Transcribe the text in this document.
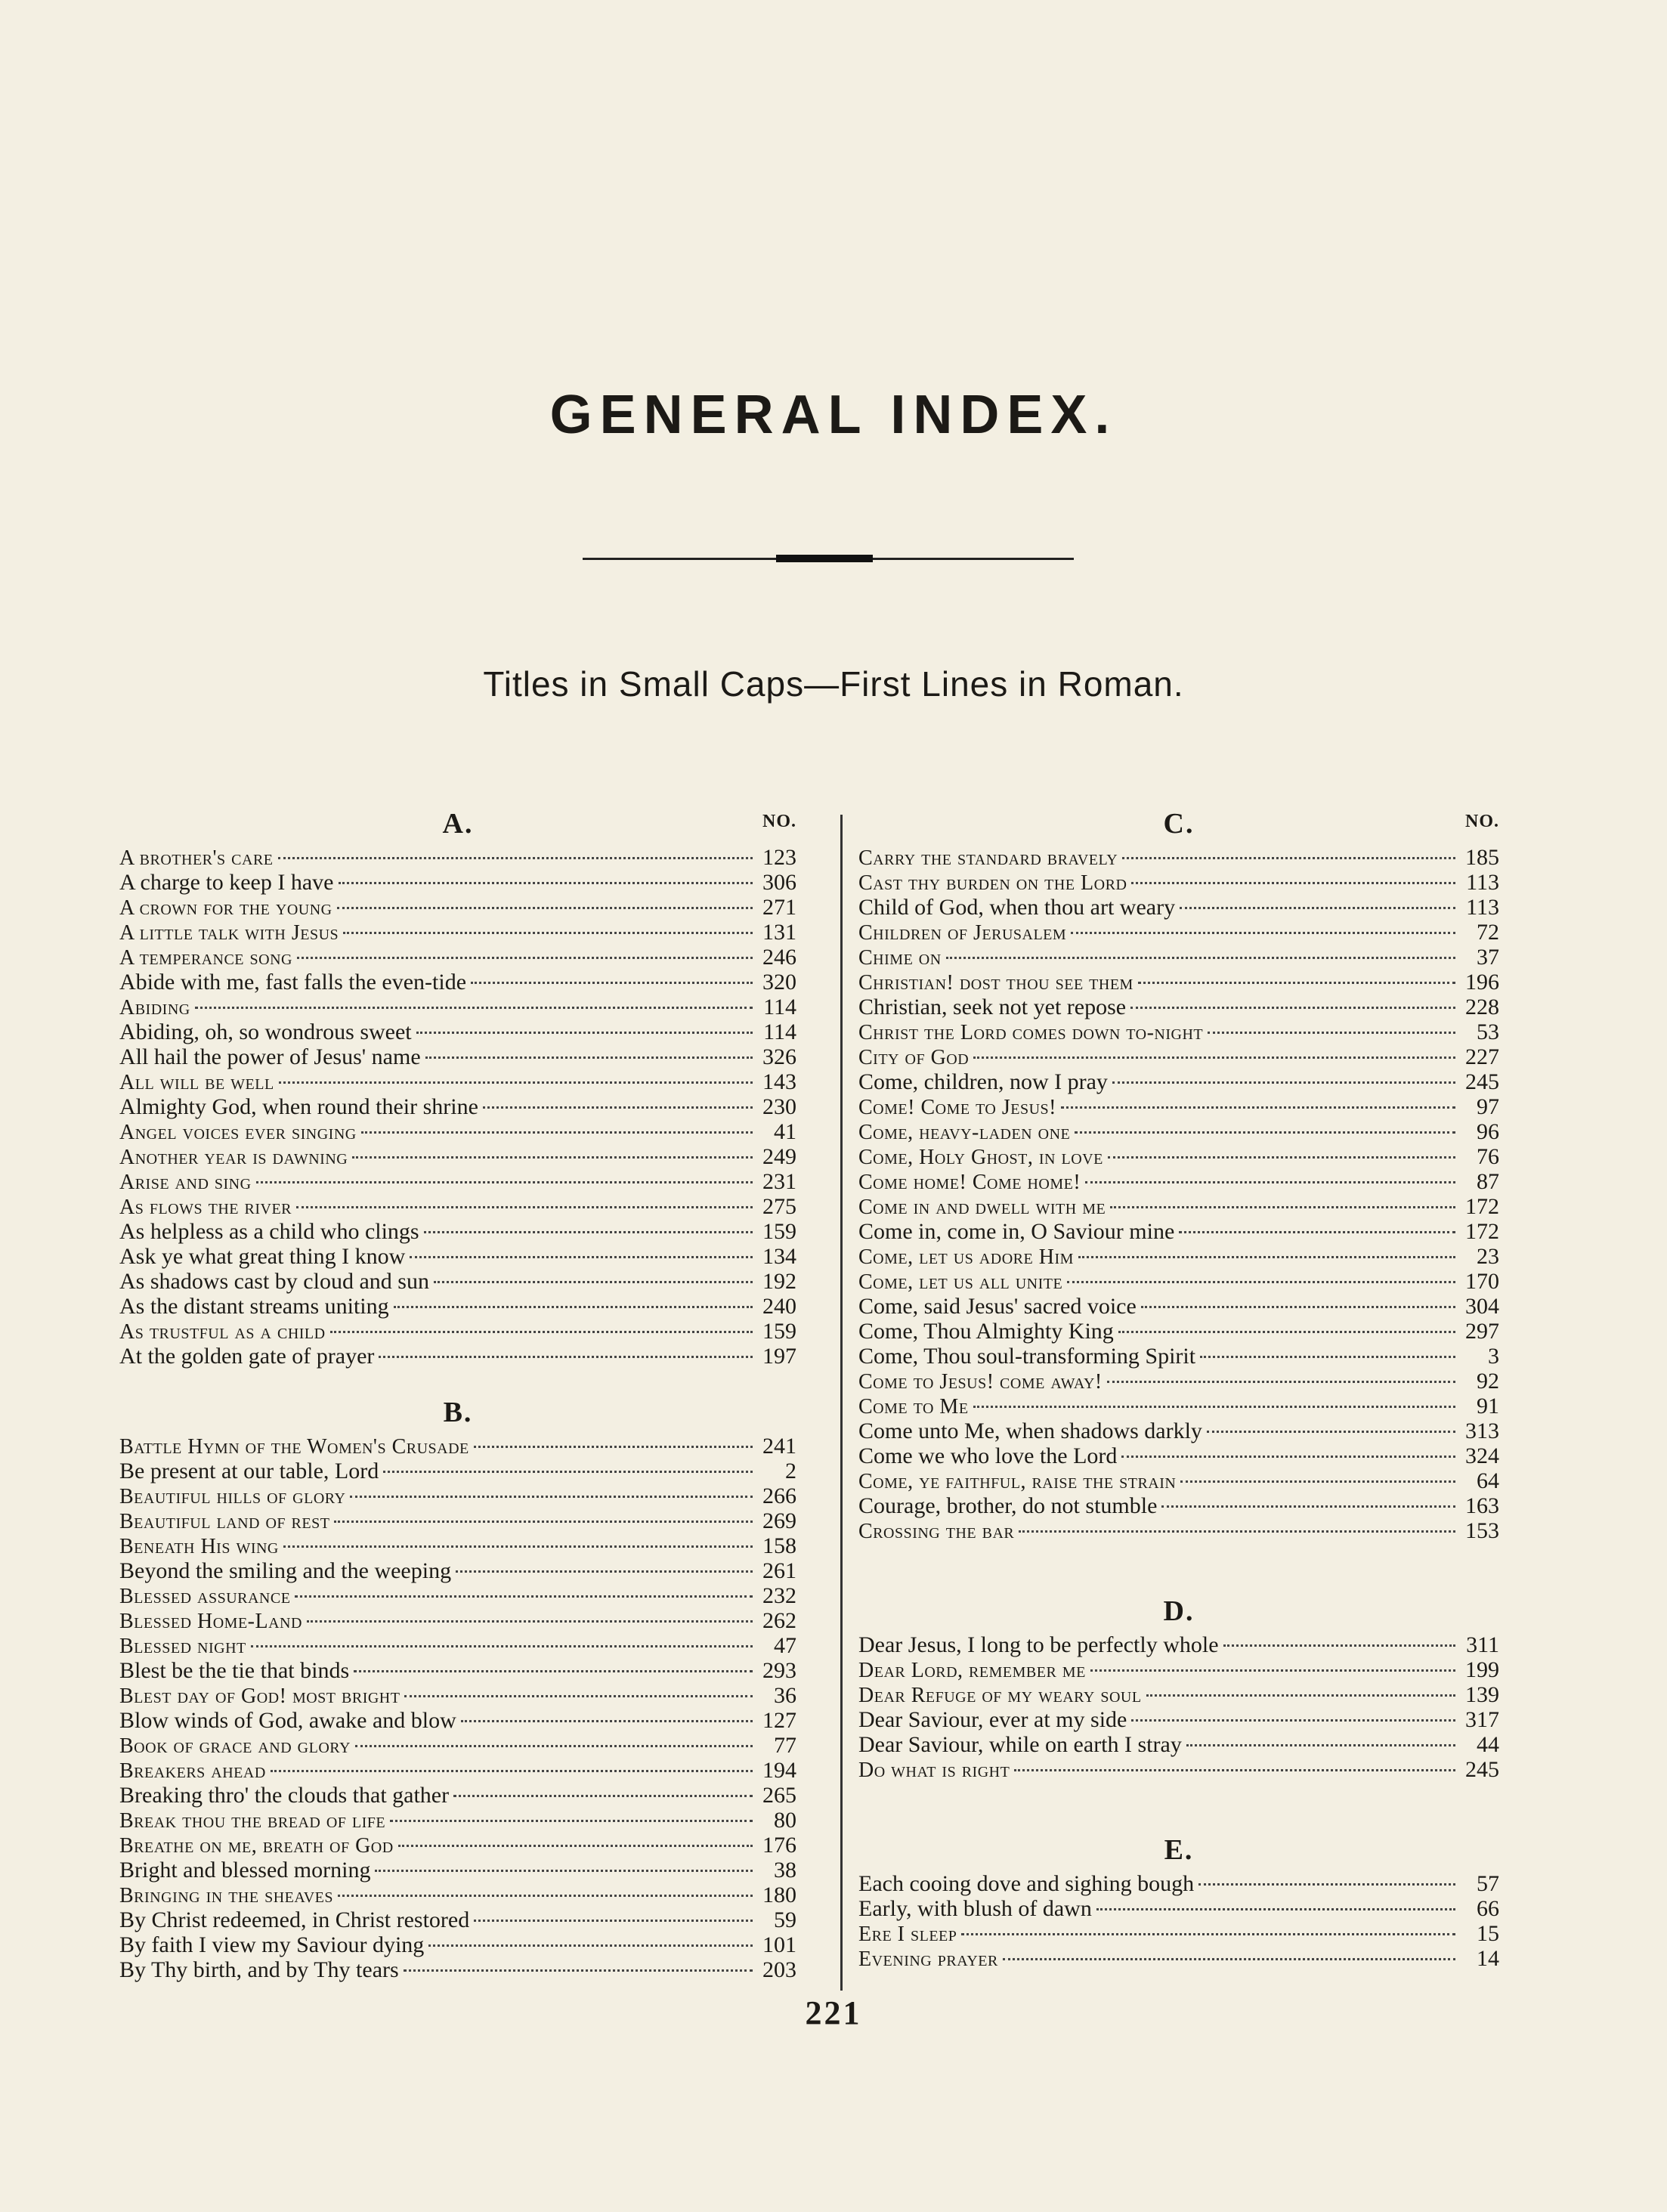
GENERAL INDEX.
Titles in Small Caps—First Lines in Roman.
A.	NO.
A brother's care	123
A charge to keep I have	306
A crown for the young	271
A little talk with Jesus	131
A temperance song	246
Abide with me, fast falls the even-tide	320
Abiding	114
Abiding, oh, so wondrous sweet	114
All hail the power of Jesus' name	326
All will be well	143
Almighty God, when round their shrine	230
Angel voices ever singing	41
Another year is dawning	249
Arise and sing	231
As flows the river	275
As helpless as a child who clings	159
Ask ye what great thing I know	134
As shadows cast by cloud and sun	192
As the distant streams uniting	240
As trustful as a child	159
At the golden gate of prayer	197
B.
Battle Hymn of the Women's Crusade	241
Be present at our table, Lord	2
Beautiful hills of glory	266
Beautiful land of rest	269
Beneath His wing	158
Beyond the smiling and the weeping	261
Blessed assurance	232
Blessed Home-Land	262
Blessed night	47
Blest be the tie that binds	293
Blest day of God! most bright	36
Blow winds of God, awake and blow	127
Book of grace and glory	77
Breakers ahead	194
Breaking thro' the clouds that gather	265
Break thou the bread of life	80
Breathe on me, breath of God	176
Bright and blessed morning	38
Bringing in the sheaves	180
By Christ redeemed, in Christ restored	59
By faith I view my Saviour dying	101
By Thy birth, and by Thy tears	203
C.	NO.
Carry the standard bravely	185
Cast thy burden on the Lord	113
Child of God, when thou art weary	113
Children of Jerusalem	72
Chime on	37
Christian! dost thou see them	196
Christian, seek not yet repose	228
Christ the Lord comes down to-night	53
City of God	227
Come, children, now I pray	245
Come! Come to Jesus!	97
Come, heavy-laden one	96
Come, Holy Ghost, in love	76
Come home! Come home!	87
Come in and dwell with me	172
Come in, come in, O Saviour mine	172
Come, let us adore Him	23
Come, let us all unite	170
Come, said Jesus' sacred voice	304
Come, Thou Almighty King	297
Come, Thou soul-transforming Spirit	3
Come to Jesus! come away!	92
Come to Me	91
Come unto Me, when shadows darkly	313
Come we who love the Lord	324
Come, ye faithful, raise the strain	64
Courage, brother, do not stumble	163
Crossing the bar	153
D.
Dear Jesus, I long to be perfectly whole	311
Dear Lord, remember me	199
Dear Refuge of my weary soul	139
Dear Saviour, ever at my side	317
Dear Saviour, while on earth I stray	44
Do what is right	245
E.
Each cooing dove and sighing bough	57
Early, with blush of dawn	66
Ere I sleep	15
Evening prayer	14
221
